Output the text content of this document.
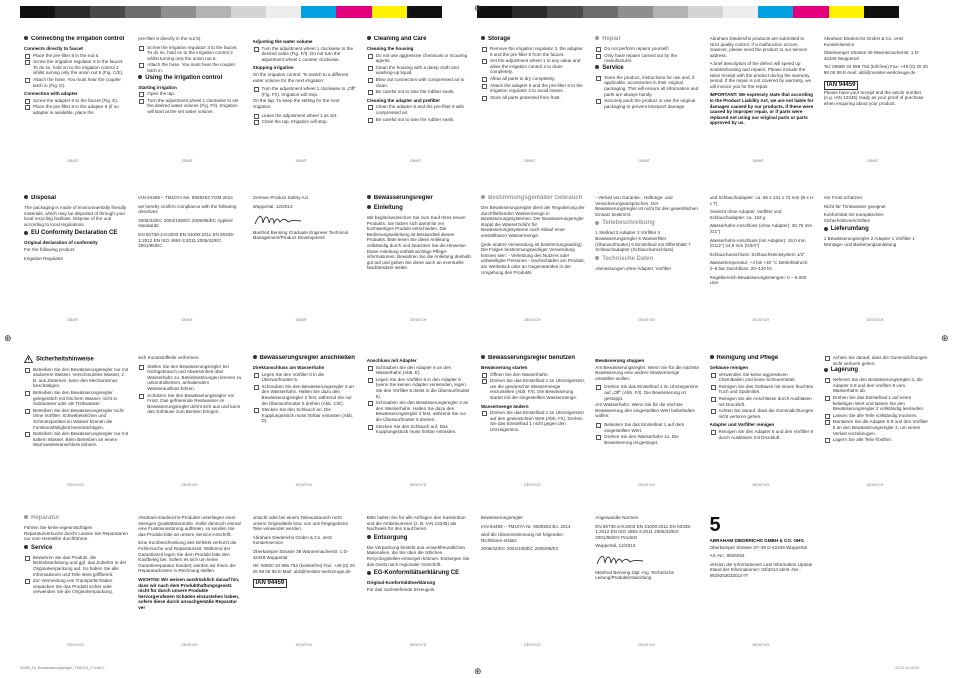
⊕
⊕
⊕	⊕
Connecting the irrigation control
Connects directly to faucet
Place the pre-filter 8 in the nut 5.
Screw the irrigation regulator 3 to the faucet. To do so, hold on to the irrigation control 2 whilst turning only the union nut 5 (Fig. C/E).
Attach the hose. You must hear the coupler latch in (Fig. D).
Connection with adapter
Screw the adapter 6 to the faucet (Fig. E).
Place the pre-filter 8 in the adapter 6 (if no adapter is available, place the
GB/MT
pre-filter 8 directly in the nut 5).
Screw the irrigation regulator 3 to the faucet. To do so, hold on to the irrigation control 2 whilst turning only the union nut 5.
Attach the hose. You must hear the coupler latch in.
Using the irrigation control
Starting irrigation
Open the tap.
Turn the adjustment wheel 1 clockwise to set the desired water volume (Fig. F/I). Irrigation will start at the set water volume.
GB/MT
Adjusting the water volume
Turn the adjustment wheel 1 clockwise to the desired value (Fig. F/I). Do not turn the adjustment wheel 1 counter clockwise.
Stopping irrigation
On the irrigation control: To switch to a different water volume for the next irrigation:
Turn the adjustment wheel 1 clockwise to „Off“ (Fig. F/I). Irrigation will stop.
On the tap: To keep the setting for the next irrigation:
Leave the adjustment wheel 1 as set.
Close the tap. Irrigation will stop.
GB/MT
Cleaning and Care
Cleaning the housing
Do not use aggressive chemicals or scouring agents.
Clean the housing with a damp cloth and washing-up liquid.
Blow out connectors with compressed air to clean.
Be careful not to lose the rubber seals.
Cleaning the adapter and prefilter
Clean the adapter 6 and the pre-filter 8 with compressed air.
Be careful not to lose the rubber seals.
GB/MT
Storage
Remove the irrigation regulator 3, the adapter 6 and the pre-filter 8 from the faucet.
Set the adjustment wheel 1 to any value and allow the irrigation control 2 to drain completely.
Allow all parts to dry completely.
Attach the adapter 6 and the pre-filter 8 to the irrigation regulator 3 to avoid losses.
Store all parts protected from frost.
GB/MT
Repair
Do not perform repairs yourself!
Only have repairs carried out by the manufacturer.
Service
Store the product, instructions for use and, if applicable, accessories in their original packaging. This will ensure all information and parts are always handy.
Securely pack the product or use the original packaging to prevent transport damage.
GB/MT
Abraham Diederichs products are submitted to strict quality control. If a malfunction occurs, however, please send the product to our service address.
A brief description of the defect will speed up troubleshooting and repairs. Please include the sales receipt with the product during the warranty period. If the repair is not covered by warranty, we will invoice you for the repair.
IMPORTANT: We expressly state that according to the Product Liability Act, we are not liable for damages caused by our products, if these were caused by improper repair, or if parts were replaced not using our original parts or parts approved by us.
GB/MT
Abraham Diederichs GmbH & Co. oHG Kundenservice
Oberkamper Strasse 39 Wannemacherstr. 1 D-42349 Wuppertal
Tel: 00800 34 996 753 (toll-free) Fax: +49 (0) 20 26 98 05 88 E-mail: aldi@meister-werkzeuge.de
IAN 94459
Please have your receipt and the article number (e.g. IAN 12345) ready as your proof of purchase when enquiring about your product.
GB/MT
Disposal
The packaging is made of environmentally friendly materials, which may be disposed of through your local recycling facilities. Dispose of the unit according to local regulations.
EU Conformity Declaration CE
Original declaration of conformity
For the following product
Irrigation Regulator
GB/MT
IAN 94459 – TM107A No. 9929253 YOM 2014
we hereby confirm compliance with the following directives
2006/42/EC 2004/108/EC 2006/95/EC Applied standards:
EN 60730-2-8:2003 EN 31000:2011 EN 60335-1:2012 EN ISO 4892-3:2011 2006/42/EC 2001/95/EC
GB/MT
German Product Safety Act
Wuppertal, 12/2013
Manfred Benning Graduate Engineer Technical Management/Product Development
GB/MT
Bewässerungsregler
Einleitung
Wir beglückwünschen Sie zum Kauf Ihres neuen Produkts. Sie haben sich damit für ein hochwertiges Produkt entschieden. Die Bedienungsanleitung ist Bestandteil dieses Produkts. Bitte lesen Sie diese Anleitung vollständig durch und beachten Sie die Hinweise. Diese Anleitung enthält wichtige Pflege-informationen. Bewahren Sie die Anleitung deshalb gut auf und geben Sie diese auch an eventuelle Nachbesitzer weiter.
DE/AT/CH
Bestimmungsgemäßer Gebrauch
Der Bewässerungsregler dient der Regulierung der durchfließenden Wassermenge in Bewässerungssystemen. Der Bewässerungsregler stoppt die Wasserzufuhr für Bewässerungssysteme nach Ablauf einer einstellbaren Wassermenge.
(jede andere Verwendung ist bestimmungswidrig). Die Folgen bestimmungswidriger Verwendung können sein: - Verletzung des Nutzers oder unbeteiligter Personen - Sachschäden am Produkt, am Werkstück oder an Gegenständen in der Umgebung des Produkts
DE/AT/CH
- Verlust von Garantie-, Haftungs- und Versicherungsansprüchen. Der Bewässerungsregler ist nicht für den gewerblichen Einsatz bestimmt.
Teilebeschreibung
1 Stellrad 2 Adapter 3 Vorfilter 4 Bewässerungsregler 5 Wasserfilter (Überwurfmutter) 6 Einstellrad mit Ziffernblatt 7 Schlauchadapter (Schlauchanschluss)
Technische Daten
Abmessungen ohne Adapter, Vorfilter
DE/AT/CH
und Schlauchadapter: ca. 66 x 131 x 72 mm (B x H x T)
Gewicht ohne Adapter, Vorfilter und Schlauchadapter: ca. 163 g
Wasserhahn-Anschluss (ohne Adapter): 30,75 mm (G1")
Wasserhahn-Anschluss (mit Adapter): 19,0 mm (G1/2") 24,5 mm (G3/4")
Schlauchanschluss: Schlauchstecksystem 1/2"
Wassertemperatur: +4 bis +30 °C Betriebsdruck: 2–8 bar Durchfluss: 20–120 l/s
Regelbereich Bewässerungsmengen: 0 – 5.000 Liter
DE/AT/CH
Vor Frost schützen
Nicht für Trinkwasser geeignet
Konformität mit europäischen Sicherheitsvorschriften
Lieferumfang
1 Bewässerungsregler 2 Adapter 1 Vorfilter 1 Montage- und Bedienungsanleitung
DE/AT/CH
Sicherheitshinweise
Betreiben Sie den Bewässerungsregler nur mit sauberem Wasser. Verschmutztes Wasser, z. B. aus Zisternen, kann den Mechanismus beschädigen.
Betreiben Sie den Bewässerungsregler gelegentlich mit frischem Wasser, nicht in Salzwasser oder als Trinkwasser.
Betreiben Sie den Bewässerungsregler nicht ohne Vorfilter. Schwebeteilchen und Schmutzpartikel im Wasser können die Funktionsfähigkeit beeinträchtigen.
Betreiben Sie den Bewässerungsregler nur mit kaltem Wasser. Beim Betreiben an einem Warmwasseranschluss können
DE/AT/CH
sich Kunststoffteile verformen.
Stellen Sie den Bewässerungsregler bei Nichtgebrauch und Abwesenheit über Wasserhahn zu. Betriebsstörungen können zu unkontrolliertem, anhaltendem Wasserausfluss führen.
Schützen Sie den Bewässerungsregler vor Frost. Das gefrierende Restwasser im Bewässerungsregler dehnt sich aus und kann das Gehäuse zum Bersten bringen.
DE/AT/CH
Bewässerungsregler anschließen
Direktanschluss am Wasserhahn
Legen Sie den Vorfilter 8 in die Überwurfmutter 5.
Schrauben Sie den Bewässerungsregler 3 an den Wasserhahn. Halten Sie dazu den Bewässerungsregler 2 fest, während Sie nur die Überwurfmutter 5 drehen (Abb. C/E).
Stecken Sie den Schlauch an. Die Kupplungsstück muss hörbar einrasten (Abb. D).
DE/AT/CH
Anschluss mit Adapter
Schrauben Sie den Adapter 6 an den Wasserhahn (Abb. E).
Legen Sie den Vorfilter 8 in den Adapter 6 (wenn Sie keinen Adapter verwenden, legen Sie den Vorfilter 8 direkt in die Überwurfmutter 5).
Schrauben Sie den Bewässerungsregler 3 an den Wasserhahn. Halten Sie dazu den Bewässerungsregler 2 fest, während Sie nur die Überwurfmutter 5 drehen.
Stecken Sie den Schlauch auf. Das Kupplungsstück muss hörbar einrasten.
DE/AT/CH
Bewässerungsregler benutzen
Bewässerung starten
Öffnen Sie den Wasserhahn.
Drehen Sie das Einstellrad 1 im Uhrzeigersinn, um die gewünschte Wassermenge einzustellen (Abb. F/I). Die Bewässerung startet mit der eingestellten Wassermenge.
Wassermenge ändern
Drehen Sie das Einstellrad 1 im Uhrzeigersinn auf den gewünschten Wert (Abb. F/I). Drehen Sie das Einstellrad 1 nicht gegen den Uhrzeigersinn.
DE/AT/CH
Bewässerung stoppen
Am Bewässerungsregler: Wenn Sie für die nächste Bewässerung eine andere Wassermenge einstellen wollen:
Drehen Sie das Einstellrad 1 im Uhrzeigersinn auf „Off“ (Abb. F/I). Die Bewässerung ist gestoppt.
Am Wasserhahn: Wenn Sie für die nächste Bewässerung den eingestellten Wert beibehalten wollen:
Belassen Sie das Einstellrad 1 auf dem eingestellten Wert.
Drehen Sie den Wasserhahn zu. Die Bewässerung ist gestoppt.
DE/AT/CH
Reinigung und Pflege
Gehäuse reinigen
Verwenden Sie keine aggressiven Chemikalien und keine Scheuermittel.
Reinigen Sie das Gehäuse mit einem feuchten Tuch und Spülmittel.
Reinigen Sie die Anschlüsse durch Ausblasen mit Druckluft.
Achten Sie darauf, dass die Gummidichtungen nicht verloren gehen.
Adapter und Vorfilter reinigen
Reinigen Sie den Adapter 6 und den Vorfilter 8 durch Ausblasen mit Druckluft.
DE/AT/CH
Achten Sie darauf, dass die Gummidichtungen nicht verloren gehen.
Lagerung
Nehmen Sie den Bewässerungsregler 3, die Adapter 6 8 und den Vorfilter 8 vom Wasserhahn ab.
Drehen Sie das Einstellrad 1 auf einen beliebigen Wert und lassen Sie den Bewässerungsregler 2 vollständig leerlaufen.
Lassen Sie alle Teile vollständig trocknen.
Montieren Sie die Adapter 6 8 und den Vorfilter 8 an den Bewässerungsregler 3, um einem Verlust vorzubeugen.
Lagern Sie alle Teile frostfrei.
DE/AT/CH
Reparatur
Führen Sie keine eigenmächtigen Reparaturversuche durch! Lassen Sie Reparaturen nur vom Hersteller durchführen.
Service
Bewahren Sie das Produkt, die Betriebsanleitung und ggf. das Zubehör in der Originalverpackung auf. So haben Sie alle Informationen und Teile stets griffbereit.
Zur Vermeidung von Transportschäden verpacken Sie das Produkt sicher oder verwenden Sie die Originalverpackung.
DE/AT/CH
Abraham-Diederichs-Produkte unterliegen einer strengen Qualitätskontrolle. Sollte dennoch einmal eine Funktionsstörung auftreten, so senden Sie das Produkt bitte an unsere Service-Anschrift.
Eine Kurzbeschreibung des Defekts verkürzt die Fehlersuche und Reparaturzeit. Während der Garantiezeit legen Sie dem Produkt bitte den Kaufbeleg bei. Sofern es sich um keine Garantiereparatur handelt, werden wir Ihnen die Reparaturkosten in Rechnung stellen.
WICHTIG! Wir weisen ausdrücklich darauf hin, dass wir nach dem Produkthaftungsgesetz nicht für durch unsere Produkte hervorgerufenen Schäden einzustehen haben, sofern diese durch unsachgemäße Reparatur ver
DE/AT/CH
ursacht oder bei einem Teileaustausch nicht unsere Originalteile bzw. von uns freigegebene Teile verwendet werden.
Abraham Diederichs GmbH & Co. oHG Kundenservice
Oberkamper Strasse 39 Wannemacherstr. 1 D-42349 Wuppertal
Tel: 00800 34 996 753 (kostenfrei) Fax: +49 (0) 20 26 98 05 88 E-Mail: aldi@meister-werkzeuge.de
IAN 94459
DE/AT/CH
Bitte halten Sie für alle Anfragen den Kassenbon und die Artikelnummer (z. B. IAN 12345) als Nachweis für den Kauf bereit.
Entsorgung
Die Verpackung besteht aus umweltfreundlichen Materialien, die Sie über die örtlichen Recyclingstellen entsorgen können. Entsorgen Sie das Gerät nach regionaler Vorschrift.
EG-Konformitätserklärung CE
Original-Konformitätserklärung
Für das nachstehende Erzeugnis
DE/AT/CH
Bewässerungsregler
IAN 94459 – TM107A Nr. 9929253 BJ. 2014
wird die Übereinstimmung mit folgenden Richtlinien erklärt:
2006/42/EC 2004/108/EC 2006/95/EC
DE/AT/CH
Angewandte Normen
EN 60730-2-8:2003 EN 31000:2011 EN 60335-1:2012 EN ISO 4892-3:2011 2006/42/EG 2001/95/EG ProdSG
Wuppertal, 12/2013
Manfred Benning Dipl.-Ing. Technische Leitung/Produktentwicklung
DE/AT/CH
5
ABRAHAM DIEDERICHS GMBH & CO. OHG
Oberkamper Strasse 37–39 D-42349 Wuppertal
Art.-Nr.: 9929253
Version der Informationen Last Information Update Stand der Informationen: 03/2014 Ident.-No.: 9929253032014-IT
DE/AT/CH
94459_Dr_Bewaesserungsregler_TM107A_LT.indd 2	13.03.14 10:20
